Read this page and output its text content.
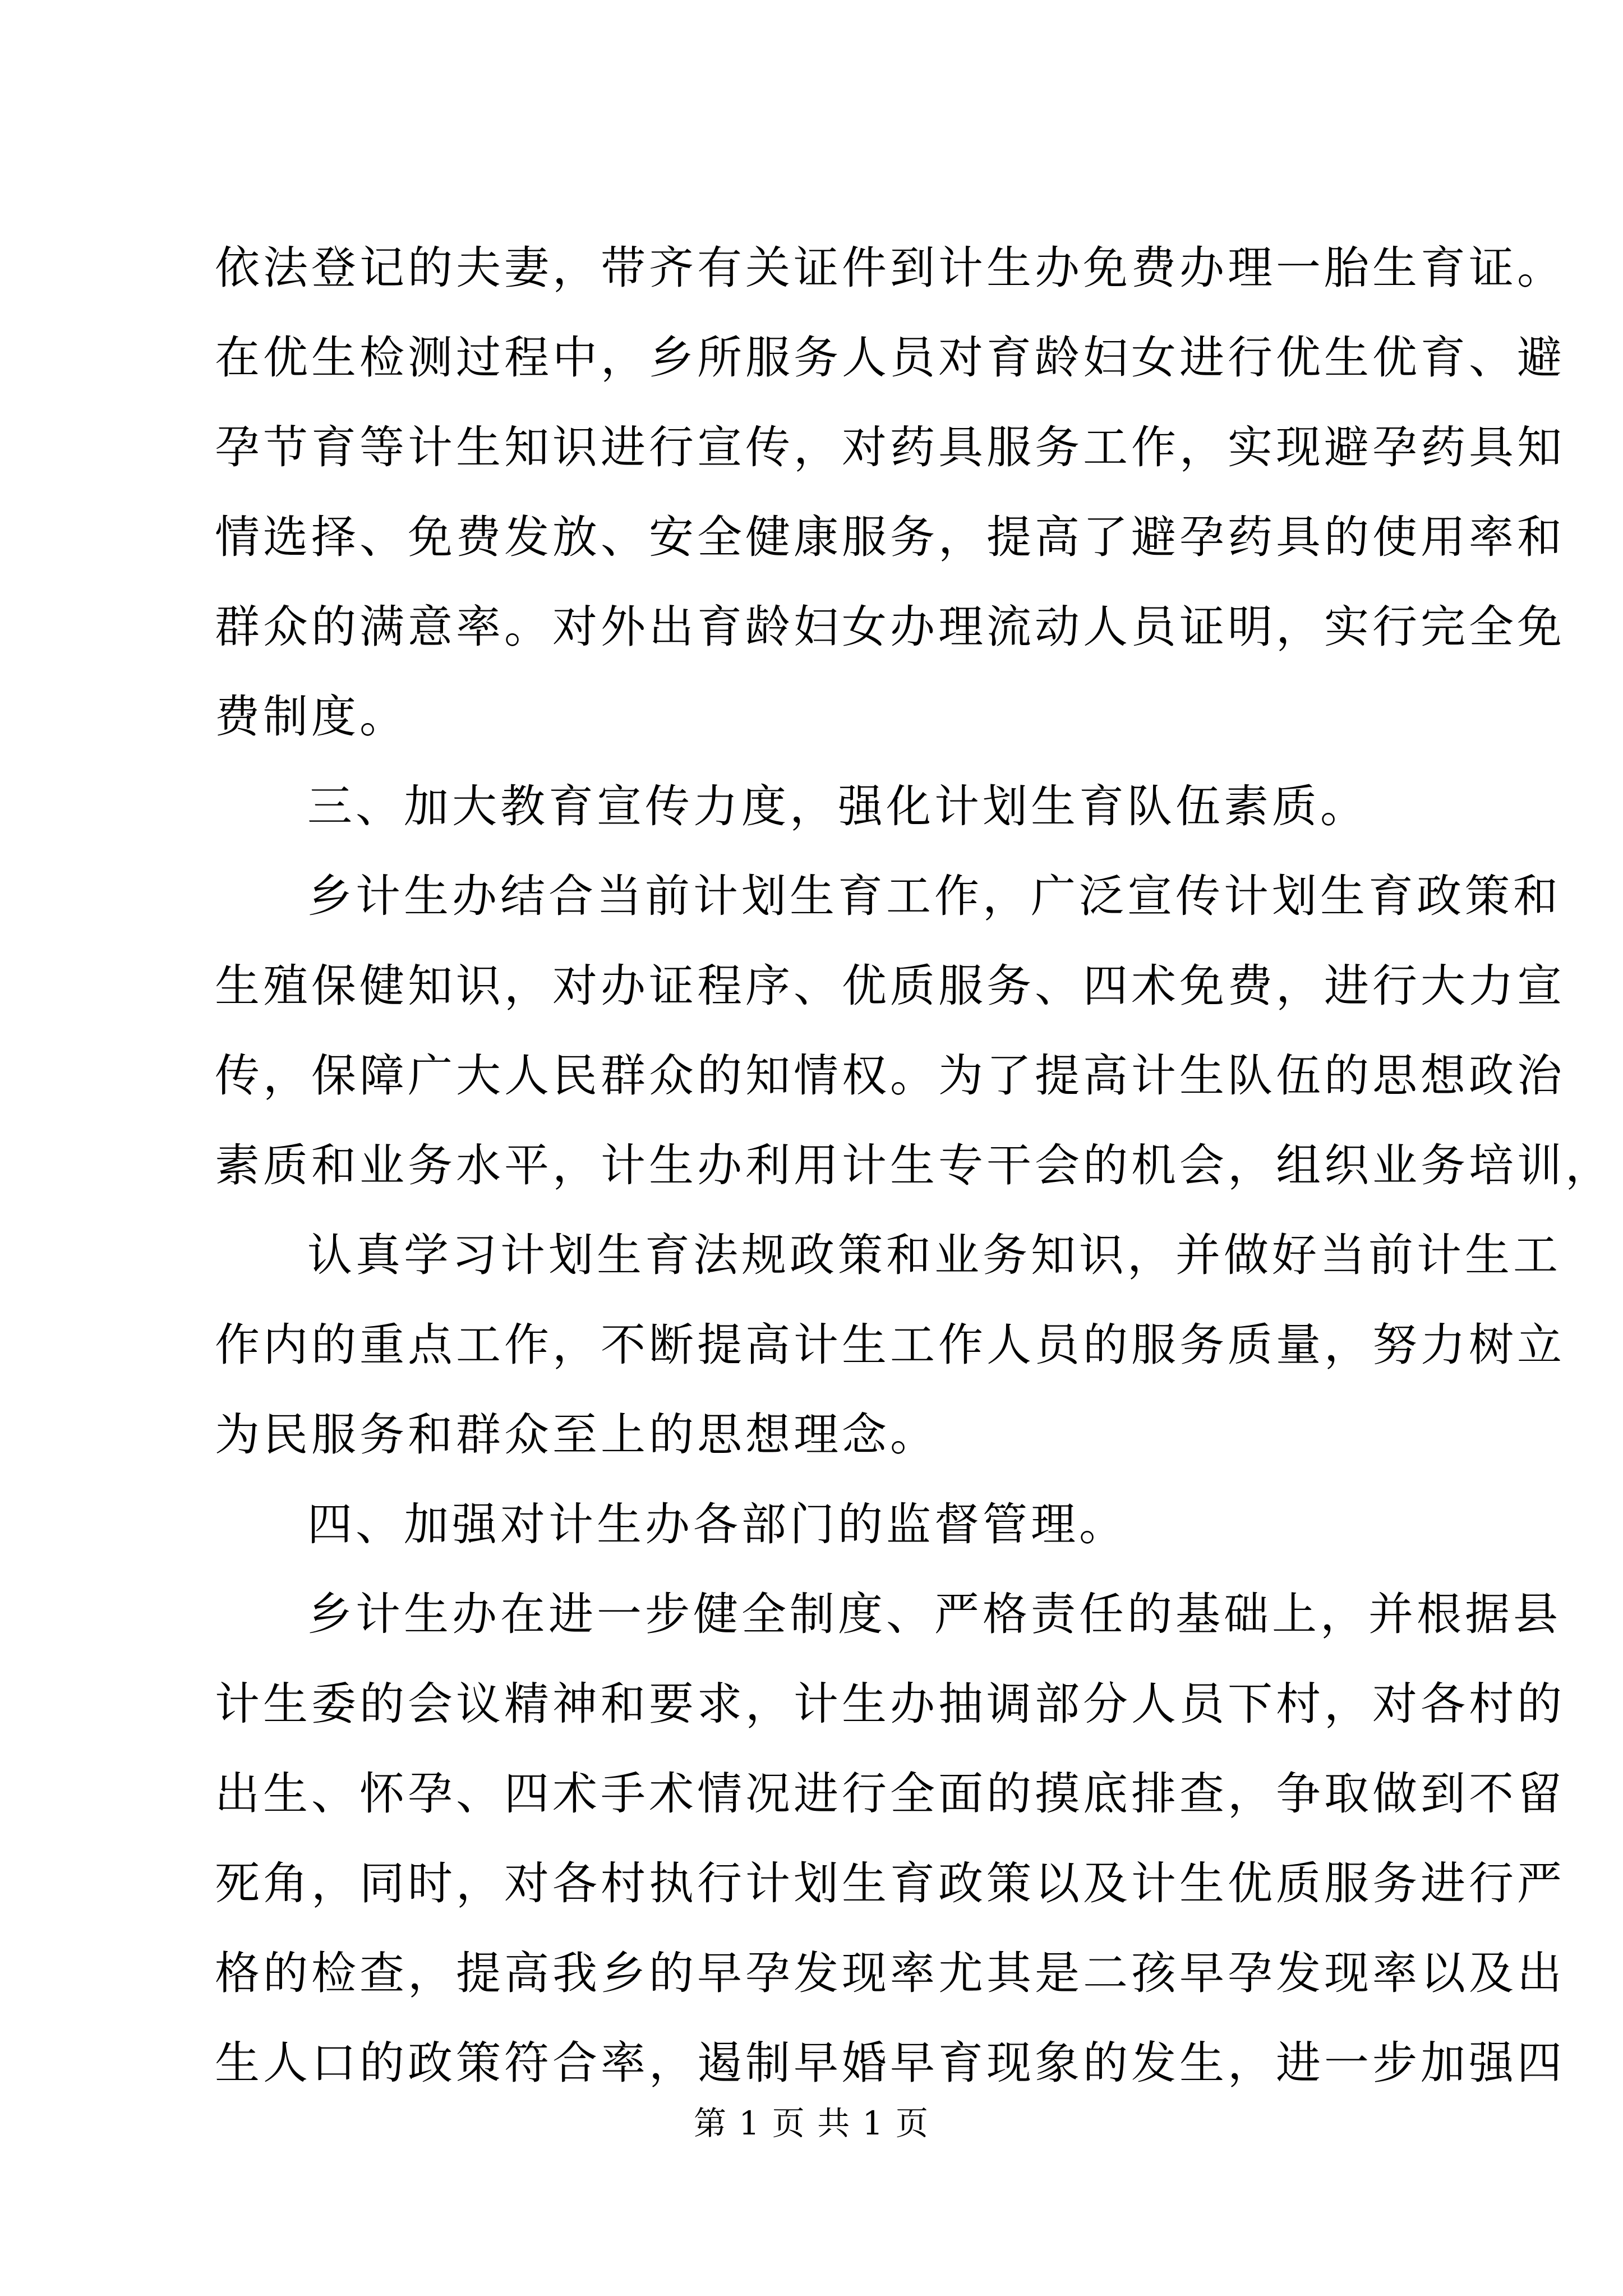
依法登记的夫妻，带齐有关证件到计生办免费办理一胎生育证。
在优生检测过程中，乡所服务人员对育龄妇女进行优生优育、避
孕节育等计生知识进行宣传，对药具服务工作，实现避孕药具知
情选择、免费发放、安全健康服务，提高了避孕药具的使用率和
群众的满意率。对外出育龄妇女办理流动人员证明，实行完全免
费制度。
三、加大教育宣传力度，强化计划生育队伍素质。
乡计生办结合当前计划生育工作，广泛宣传计划生育政策和
生殖保健知识，对办证程序、优质服务、四术免费，进行大力宣
传，保障广大人民群众的知情权。为了提高计生队伍的思想政治
素质和业务水平，计生办利用计生专干会的机会，组织业务培训，
认真学习计划生育法规政策和业务知识，并做好当前计生工
作内的重点工作，不断提高计生工作人员的服务质量，努力树立
为民服务和群众至上的思想理念。
四、加强对计生办各部门的监督管理。
乡计生办在进一步健全制度、严格责任的基础上，并根据县
计生委的会议精神和要求，计生办抽调部分人员下村，对各村的
出生、怀孕、四术手术情况进行全面的摸底排查，争取做到不留
死角，同时，对各村执行计划生育政策以及计生优质服务进行严
格的检查，提高我乡的早孕发现率尤其是二孩早孕发现率以及出
生人口的政策符合率，遏制早婚早育现象的发生，进一步加强四
第 1 页 共 1 页
